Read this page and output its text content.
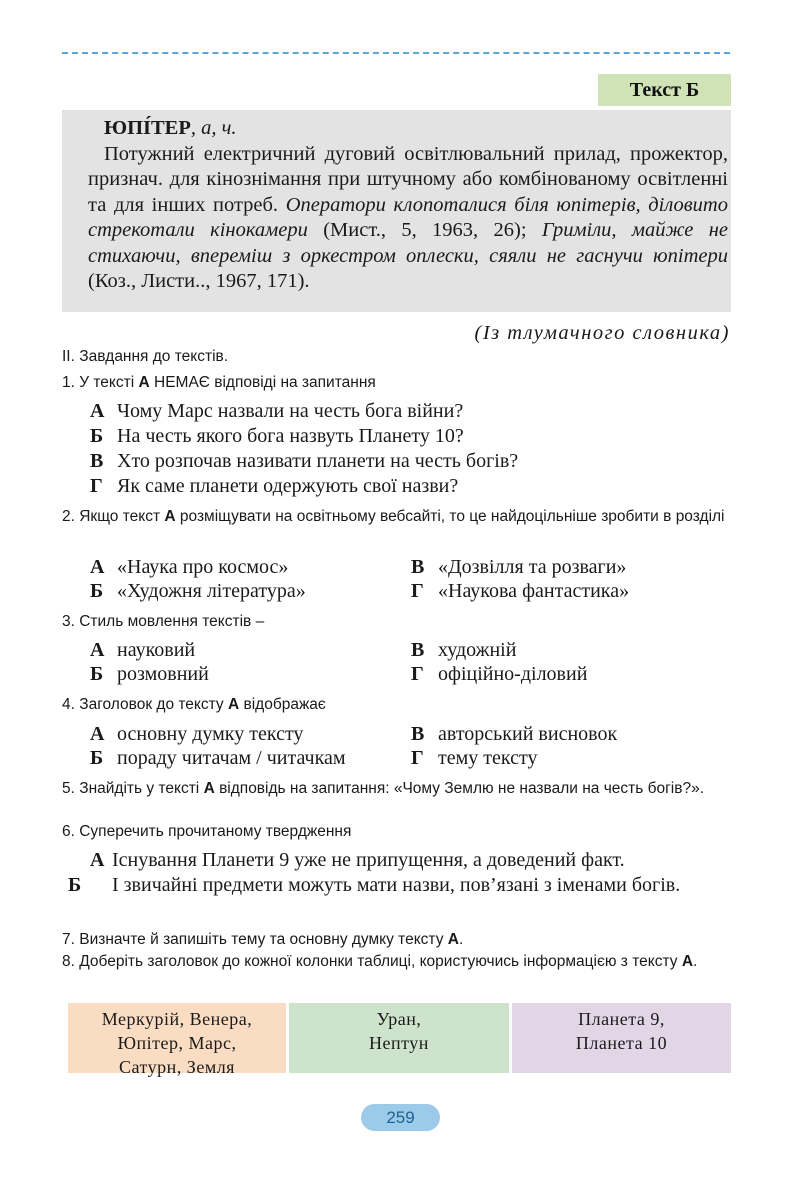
Текст Б
ЮПІ́ТЕР, а, ч.
Потужний електричний дуговий освітлювальний прилад, прожектор, признач. для кінознімання при штучному або комбінованому освітленні та для інших потреб. Оператори клопоталися біля юпітерів, діловито стрекотали кінокамери (Мист., 5, 1963, 26); Гриміли, майже не стихаючи, впереміш з оркестром оплески, сяяли не гаснучи юпітери (Коз., Листи.., 1967, 171).
(Із тлумачного словника)
II. Завдання до текстів.
1. У тексті А НЕМАЄ відповіді на запитання
А Чому Марс назвали на честь бога війни?
Б На честь якого бога назвуть Планету 10?
В Хто розпочав називати планети на честь богів?
Г Як саме планети одержують свої назви?
2. Якщо текст А розміщувати на освітньому вебсайті, то це найдоцільніше зробити в розділі
А «Наука про космос»
Б «Художня література»
В «Дозвілля та розваги»
Г «Наукова фантастика»
3. Стиль мовлення текстів –
А науковий
Б розмовний
В художній
Г офіційно-діловий
4. Заголовок до тексту А відображає
А основну думку тексту
Б пораду читачам / читачкам
В авторський висновок
Г тему тексту
5. Знайдіть у тексті А відповідь на запитання: «Чому Землю не назвали на честь богів?».
6. Суперечить прочитаному твердження
А Існування Планети 9 уже не припущення, а доведений факт.
Б І звичайні предмети можуть мати назви, пов’язані з іменами богів.
7. Визначте й запишіть тему та основну думку тексту А.
8. Доберіть заголовок до кожної колонки таблиці, користуючись інформацією з тексту А.
Меркурій, Венера,
Юпітер, Марс,
Сатурн, Земля
Уран,
Нептун
Планета 9,
Планета 10
259
